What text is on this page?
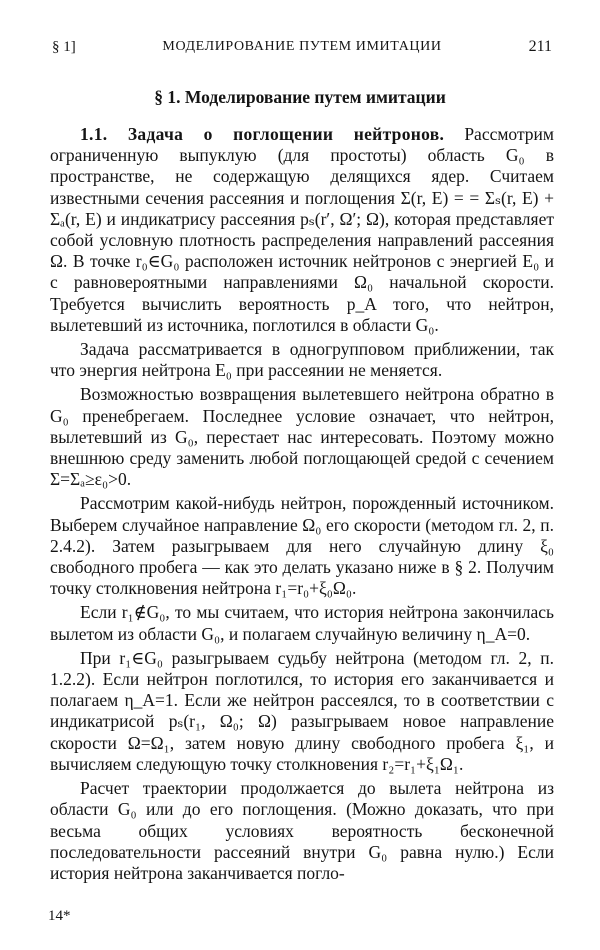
§ 1]	МОДЕЛИРОВАНИЕ ПУТЕМ ИМИТАЦИИ	211
§ 1. Моделирование путем имитации

1.1. Задача о поглощении нейтронов. Рассмотрим ограниченную выпуклую (для простоты) область G₀ в пространстве, не содержащую делящихся ядер. Считаем известными сечения рассеяния и поглощения Σ(r, E) = = Σₛ(r, E) + Σₐ(r, E) и индикатрису рассеяния pₛ(r′, Ω′; Ω), которая представляет собой условную плотность распределения направлений рассеяния Ω. В точке r₀∈G₀ расположен источник нейтронов с энергией E₀ и с равновероятными направлениями Ω₀ начальной скорости. Требуется вычислить вероятность p_A того, что нейтрон, вылетевший из источника, поглотился в области G₀.

Задача рассматривается в одногрупповом приближении, так что энергия нейтрона E₀ при рассеянии не меняется.

Возможностью возвращения вылетевшего нейтрона обратно в G₀ пренебрегаем. Последнее условие означает, что нейтрон, вылетевший из G₀, перестает нас интересовать. Поэтому можно внешнюю среду заменить любой поглощающей средой с сечением Σ=Σₐ≥ε₀>0.

Рассмотрим какой-нибудь нейтрон, порожденный источником. Выберем случайное направление Ω₀ его скорости (методом гл. 2, п. 2.4.2). Затем разыгрываем для него случайную длину ξ₀ свободного пробега — как это делать указано ниже в § 2. Получим точку столкновения нейтрона r₁=r₀+ξ₀Ω₀.

Если r₁∉G₀, то мы считаем, что история нейтрона закончилась вылетом из области G₀, и полагаем случайную величину η_A=0.

При r₁∈G₀ разыгрываем судьбу нейтрона (методом гл. 2, п. 1.2.2). Если нейтрон поглотился, то история его заканчивается и полагаем η_A=1. Если же нейтрон рассеялся, то в соответствии с индикатрисой pₛ(r₁, Ω₀; Ω) разыгрываем новое направление скорости Ω=Ω₁, затем новую длину свободного пробега ξ₁, и вычисляем следующую точку столкновения r₂=r₁+ξ₁Ω₁.

Расчет траектории продолжается до вылета нейтрона из области G₀ или до его поглощения. (Можно доказать, что при весьма общих условиях вероятность бесконечной последовательности рассеяний внутри G₀ равна нулю.) Если история нейтрона заканчивается погло-

14*
